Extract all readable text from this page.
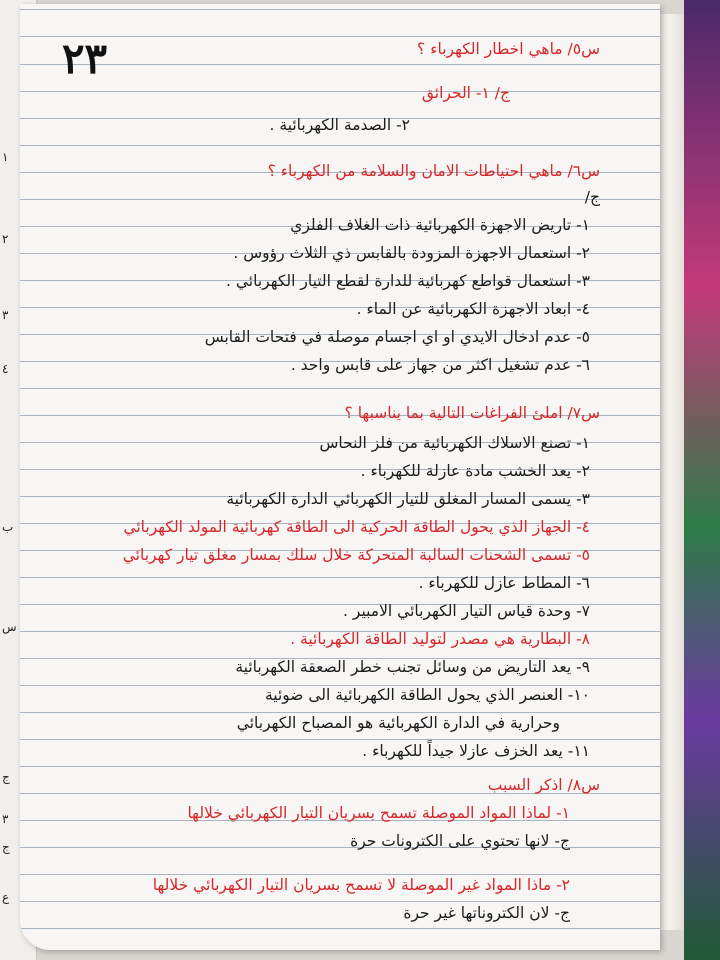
١
٢
٣
٤
ب
س
ج
٣
ج
ع
٢٣	س٥/ ماهي اخطار الكهرباء ؟
ج/ ١- الحرائق
٢- الصدمة الكهربائية .
س٦/ ماهي احتياطات الامان والسلامة من الكهرباء ؟
ج/
١- تاريض الاجهزة الكهربائية ذات الغلاف الفلزي
٢- استعمال الاجهزة المزودة بالقابس ذي الثلاث رؤوس .
٣- استعمال قواطع كهربائية للدارة لقطع التيار الكهربائي .
٤- ابعاد الاجهزة الكهربائية عن الماء .
٥- عدم ادخال الايدي او اي اجسام موصلة في فتحات القابس
٦- عدم تشغيل اكثر من جهاز على قابس واحد .
س٧/ املئ الفراغات التالية بما يناسبها ؟
١- تصنع الاسلاك الكهربائية من فلز النحاس
٢- يعد الخشب مادة عازلة للكهرباء .
٣- يسمى المسار المغلق للتيار الكهربائي الدارة الكهربائية
٤- الجهاز الذي يحول الطاقة الحركية الى الطاقة كهربائية المولد الكهربائي
٥- تسمى الشحنات السالبة المتحركة خلال سلك بمسار مغلق تيار كهربائي
٦- المطاط عازل للكهرباء .
٧- وحدة قياس التيار الكهربائي الامبير .
٨- البطارية هي مصدر لتوليد الطاقة الكهربائية .
٩- يعد التاريض من وسائل تجنب خطر الصعقة الكهربائية
١٠- العنصر الذي يحول الطاقة الكهربائية الى ضوئية
وحرارية في الدارة الكهربائية هو المصباح الكهربائي
١١- يعد الخزف عازلا جيداً للكهرباء .
س٨/ اذكر السبب
١- لماذا المواد الموصلة تسمح بسريان التيار الكهربائي خلالها
ج- لانها تحتوي على الكترونات حرة
٢- ماذا المواد غير الموصلة لا تسمح بسريان التيار الكهربائي خلالها
ج- لان الكتروناتها غير حرة
